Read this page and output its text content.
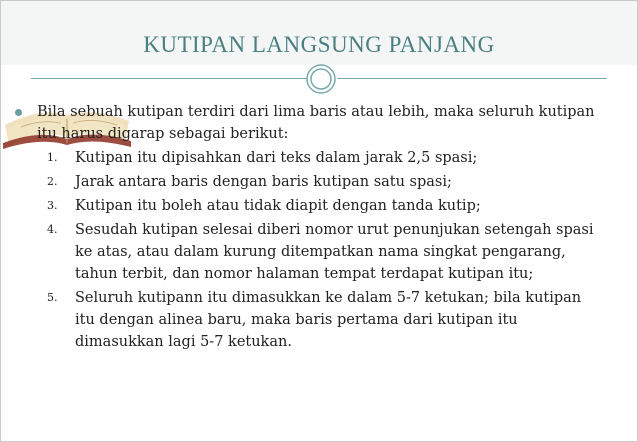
KUTIPAN LANGSUNG PANJANG
Bila sebuah kutipan terdiri dari lima baris atau lebih, maka seluruh kutipan itu harus digarap sebagai berikut:
1.	Kutipan itu dipisahkan dari teks dalam jarak 2,5 spasi;
2.	Jarak antara baris dengan baris kutipan satu spasi;
3.	Kutipan itu boleh atau tidak diapit dengan tanda kutip;
4.	Sesudah kutipan selesai diberi nomor urut penunjukan setengah spasi ke atas, atau dalam kurung ditempatkan nama singkat pengarang, tahun terbit, dan nomor halaman tempat terdapat kutipan itu;
5.	Seluruh kutipann itu dimasukkan ke dalam 5-7 ketukan; bila kutipan itu dengan alinea baru, maka baris pertama dari kutipan itu dimasukkan lagi 5-7 ketukan.
